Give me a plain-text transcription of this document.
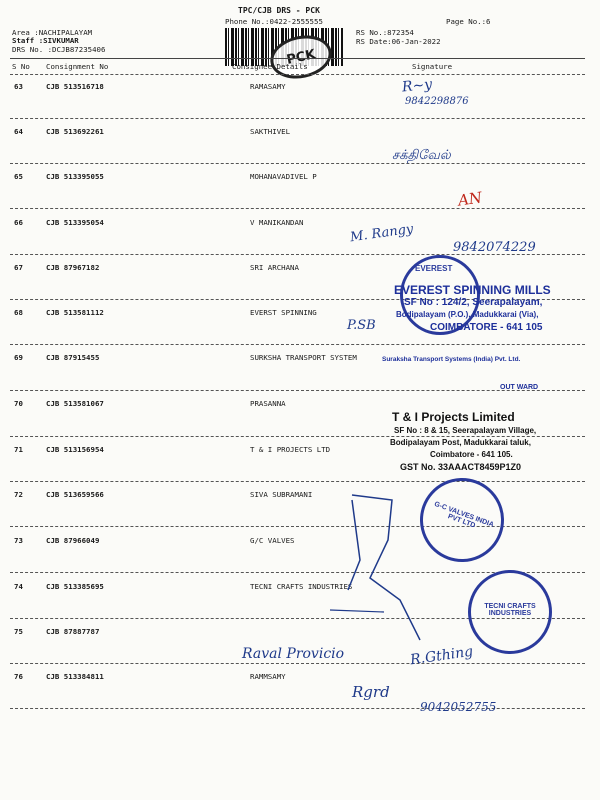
TPC/CJB DRS - PCK
Phone No.:0422-2555555	Page No.:6
Area :NACHIPALAYAM
Staff :SIVKUMAR
RS No.:872354
RS Date:06-Jan-2022
DRS No. :DCJB87235406	PCK
S No Consignment No	Consignee Details	Signature
63	CJB 513516718	RAMASAMY
64	CJB 513692261	SAKTHIVEL
65	CJB 513395055	MOHANAVADIVEL P
66	CJB 513395054	V MANIKANDAN
67	CJB 87967182	SRI ARCHANA
68	CJB 513581112	EVERST SPINNING
69	CJB 87915455	SURKSHA TRANSPORT SYSTEM
70	CJB 513581067	PRASANNA
71	CJB 513156954	T & I PROJECTS LTD
72	CJB 513659566	SIVA SUBRAMANI
73	CJB 87966049	G/C VALVES
74	CJB 513385695	TECNI CRAFTS INDUSTRIES
75	CJB 87887787
76	CJB 513384811	RAMMSAMY
R~y
9842298876
சக்திவேல்
AN
M. Rangy
9842074229
P.SB
Raval Provicio	R.Gthing
Rgrd
9042052755
EVEREST
EVEREST SPINNING MILLS
SF No : 124/2, Seerapalayam,
Bodipalayam (P.O.), Madukkarai (Via),
COIMBATORE - 641 105
Suraksha Transport Systems (India) Pvt. Ltd.
OUT WARD
T & I Projects Limited
SF No : 8 & 15, Seerapalayam Village,
Bodipalayam Post, Madukkarai taluk,
Coimbatore - 641 105.
GST No. 33AAACT8459P1Z0
G-C VALVES INDIA PVT LTD
TECNI CRAFTS INDUSTRIES
